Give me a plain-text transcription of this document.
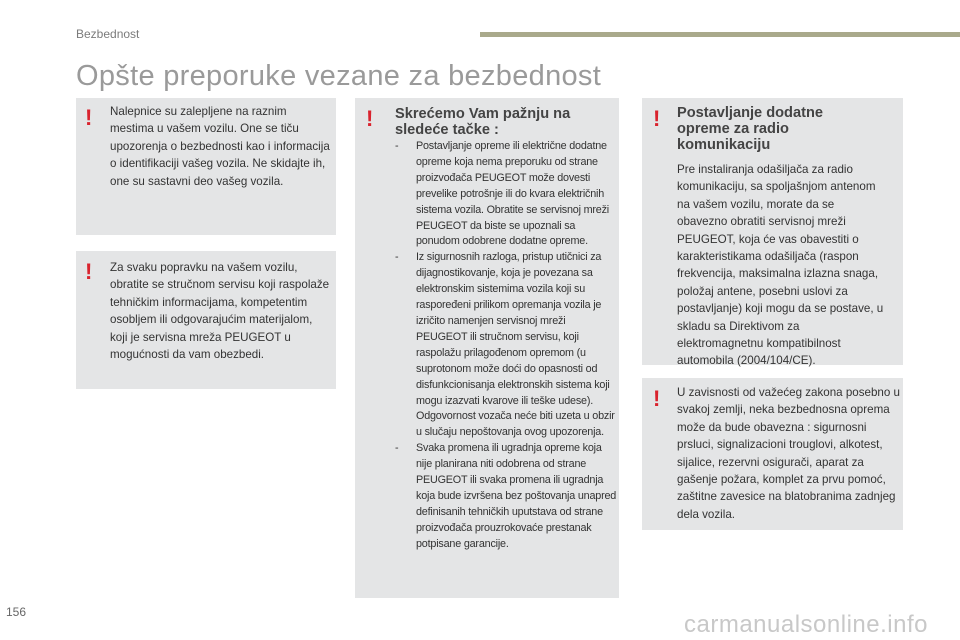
Bezbednost
Opšte preporuke vezane za bezbednost
! Nalepnice su zalepljene na raznim mestima u vašem vozilu. One se tiču upozorenja o bezbednosti kao i informacija o identifikaciji vašeg vozila. Ne skidajte ih, one su sastavni deo vašeg vozila.
! Za svaku popravku na vašem vozilu, obratite se stručnom servisu koji raspolaže tehničkim informacijama, kompetentim osobljem ili odgovarajućim materijalom, koji je servisna mreža PEUGEOT u mogućnosti da vam obezbedi.
! Skrećemo Vam pažnju na sledeće tačke :
- Postavljanje opreme ili električne dodatne opreme koja nema preporuku od strane proizvođača PEUGEOT može dovesti prevelike potrošnje ili do kvara električnih sistema vozila. Obratite se servisnoj mreži PEUGEOT da biste se upoznali sa ponudom odobrene dodatne opreme.
- Iz sigurnosnih razloga, pristup utičnici za dijagnostikovanje, koja je povezana sa elektronskim sistemima vozila koji su raspoređeni prilikom opremanja vozila je izričito namenjen servisnoj mreži PEUGEOT ili stručnom servisu, koji raspolažu prilagođenom opremom (u suprotonom može doći do opasnosti od disfunkcionisanja elektronskih sistema koji mogu izazvati kvarove ili teške udese). Odgovornost vozača neće biti uzeta u obzir u slučaju nepoštovanja ovog upozorenja.
- Svaka promena ili ugradnja opreme koja nije planirana niti odobrena od strane PEUGEOT ili svaka promena ili ugradnja koja bude izvršena bez poštovanja unapred definisanih tehničkih uputstava od strane proizvođača prouzrokovaće prestanak potpisane garancije.
! Postavljanje dodatne opreme za radio komunikaciju
Pre instaliranja odašiljača za radio komunikaciju, sa spoljašnjom antenom na vašem vozilu, morate da se obavezno obratiti servisnoj mreži PEUGEOT, koja će vas obavestiti o karakteristikama odašiljača (raspon frekvencija, maksimalna izlazna snaga, položaj antene, posebni uslovi za postavljanje) koji mogu da se postave, u skladu sa Direktivom za elektromagnetnu kompatibilnost automobila (2004/104/CE).
! U zavisnosti od važećeg zakona posebno u svakoj zemlji, neka bezbednosna oprema može da bude obavezna : sigurnosni prsluci, signalizacioni trouglovi, alkotest, sijalice, rezervni osigurači, aparat za gašenje požara, komplet za prvu pomoć, zaštitne zavesice na blatobranima zadnjeg dela vozila.
156	carmanualsonline.info
